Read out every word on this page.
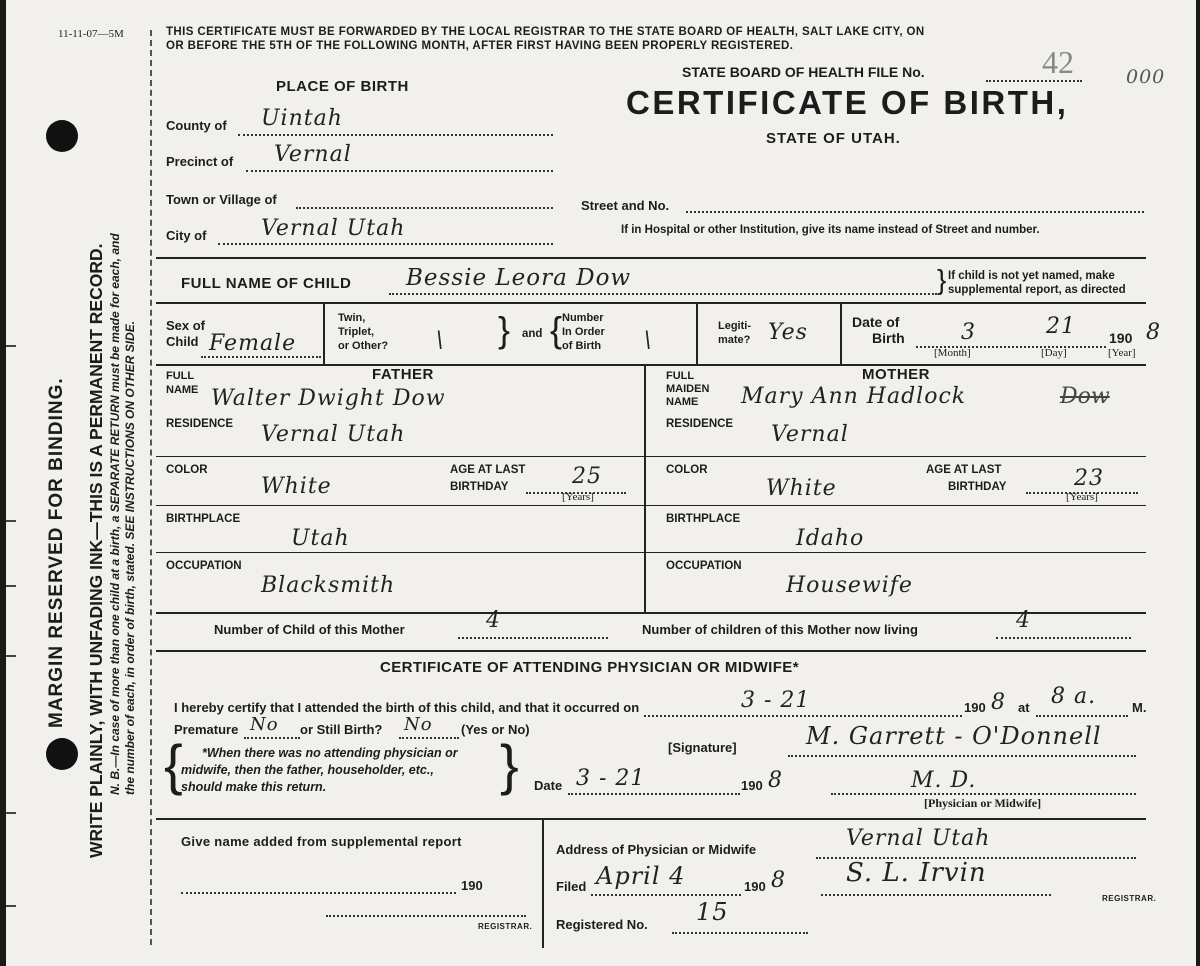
MARGIN RESERVED FOR BINDING. WRITE PLAINLY, WITH UNFADING INK—THIS IS A PERMANENT RECORD. N. B.—In case of more than one child at a birth, a SEPARATE RETURN must be made for each, and the number of each, in order of birth, stated. SEE INSTRUCTIONS ON OTHER SIDE.
11-11-07—5M	THIS CERTIFICATE MUST BE FORWARDED BY THE LOCAL REGISTRAR TO THE STATE BOARD OF HEALTH, SALT LAKE CITY, ON
OR BEFORE THE 5TH OF THE FOLLOWING MONTH, AFTER FIRST HAVING BEEN PROPERLY REGISTERED.
PLACE OF BIRTH
STATE BOARD OF HEALTH FILE No.	42	000
CERTIFICATE OF BIRTH,
STATE OF UTAH.
County of Uintah
Precinct of Vernal
Town or Village of
City of Vernal Utah
Street and No.
If in Hospital or other Institution, give its name instead of Street and number.
FULL NAME OF CHILD Bessie Leora Dow	} If child is not yet named, make
supplemental report, as directed
Sex of
Child Female
Twin,
Triplet,
or Other? \ } and { Number
In Order
of Birth \
Legiti-
mate? Yes	Date of
Birth	3	21 190 8
[Month]	[Day]	[Year]
FATHER
FULL
NAME Walter Dwight Dow
RESIDENCE Vernal Utah
COLOR
White
AGE AT LAST
BIRTHDAY	25
[Years]
BIRTHPLACE
Utah
OCCUPATION
Blacksmith
MOTHER
FULL
MAIDEN
NAME Mary Ann Hadlock	Dow
RESIDENCE Vernal
COLOR
White
AGE AT LAST
BIRTHDAY	23
[Years]
BIRTHPLACE
Idaho
OCCUPATION
Housewife
Number of Child of this Mother	4	Number of children of this Mother now living	4
CERTIFICATE OF ATTENDING PHYSICIAN OR MIDWIFE*
I hereby certify that I attended the birth of this child, and that it occurred on	3 - 21	190 8 at 8 a.	M.
Premature No or Still Birth? No (Yes or No)
{ *When there was no attending physician or
midwife, then the father, householder, etc.,
should make this return.	}	[Signature]	M. Garrett - O'Donnell
Date 3 - 21	190 8	M. D.
[Physician or Midwife]
Give name added from supplemental report
190
REGISTRAR.
Address of Physician or Midwife	Vernal Utah
Filed April 4	190 8 S. L. Irvin
REGISTRAR.
Registered No. 15
